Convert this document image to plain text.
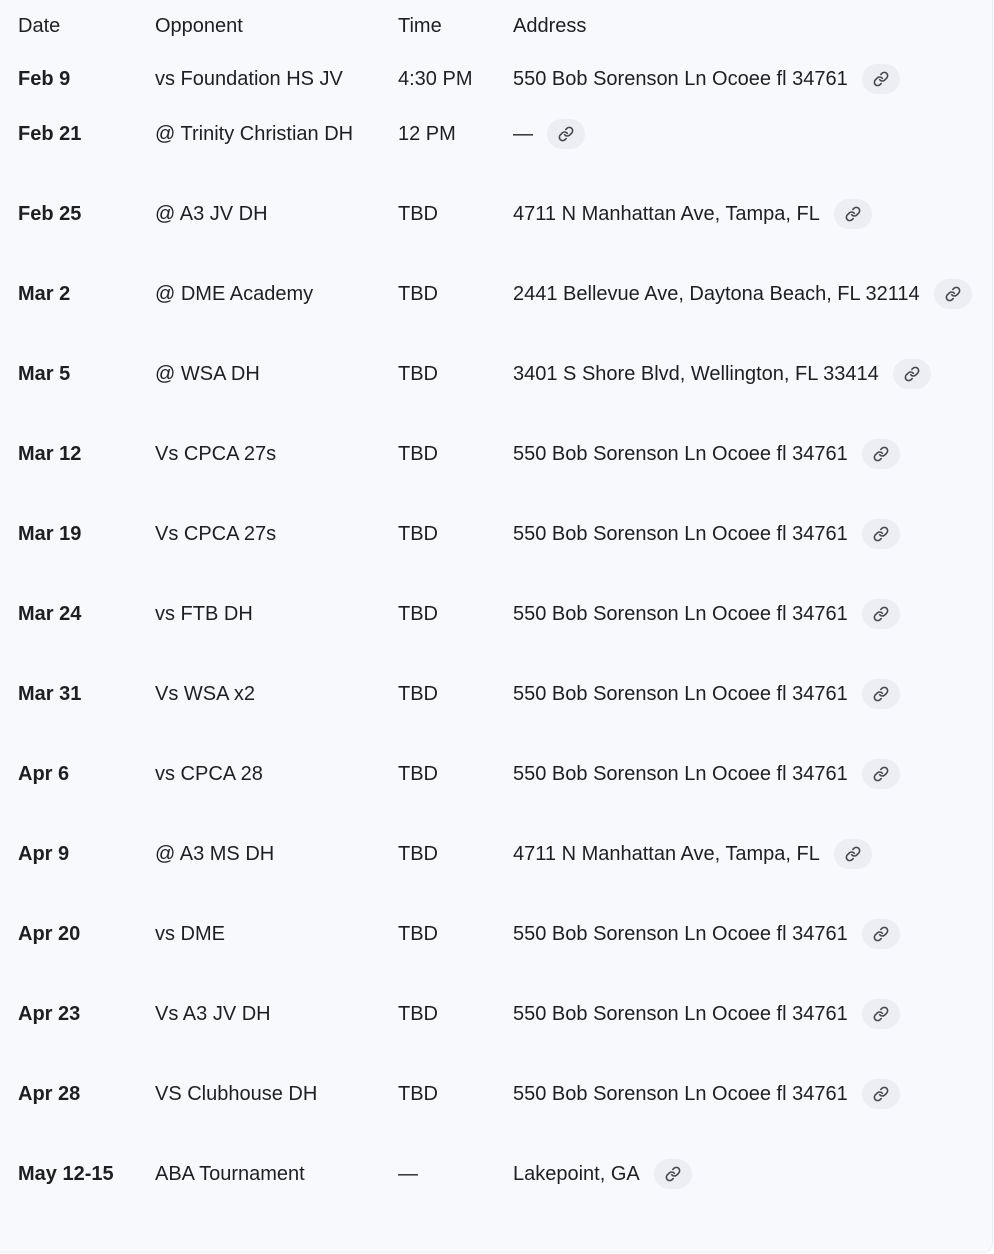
Date	Opponent	Time	Address
Feb 9	vs Foundation HS JV	4:30 PM	550 Bob Sorenson Ln Ocoee fl 34761

Feb 21	@ Trinity Christian DH	12 PM	—

Feb 25	@ A3 JV DH	TBD	4711 N Manhattan Ave, Tampa, FL

Mar 2	@ DME Academy	TBD	2441 Bellevue Ave, Daytona Beach, FL 32114

Mar 5	@ WSA DH	TBD	3401 S Shore Blvd, Wellington, FL 33414

Mar 12	Vs CPCA 27s	TBD	550 Bob Sorenson Ln Ocoee fl 34761

Mar 19	Vs CPCA 27s	TBD	550 Bob Sorenson Ln Ocoee fl 34761

Mar 24	vs FTB DH	TBD	550 Bob Sorenson Ln Ocoee fl 34761

Mar 31	Vs WSA x2	TBD	550 Bob Sorenson Ln Ocoee fl 34761

Apr 6	vs CPCA 28	TBD	550 Bob Sorenson Ln Ocoee fl 34761

Apr 9	@ A3 MS DH	TBD	4711 N Manhattan Ave, Tampa, FL

Apr 20	vs DME	TBD	550 Bob Sorenson Ln Ocoee fl 34761

Apr 23	Vs A3 JV DH	TBD	550 Bob Sorenson Ln Ocoee fl 34761

Apr 28	VS Clubhouse DH	TBD	550 Bob Sorenson Ln Ocoee fl 34761

May 12-15	ABA Tournament	—	Lakepoint, GA
